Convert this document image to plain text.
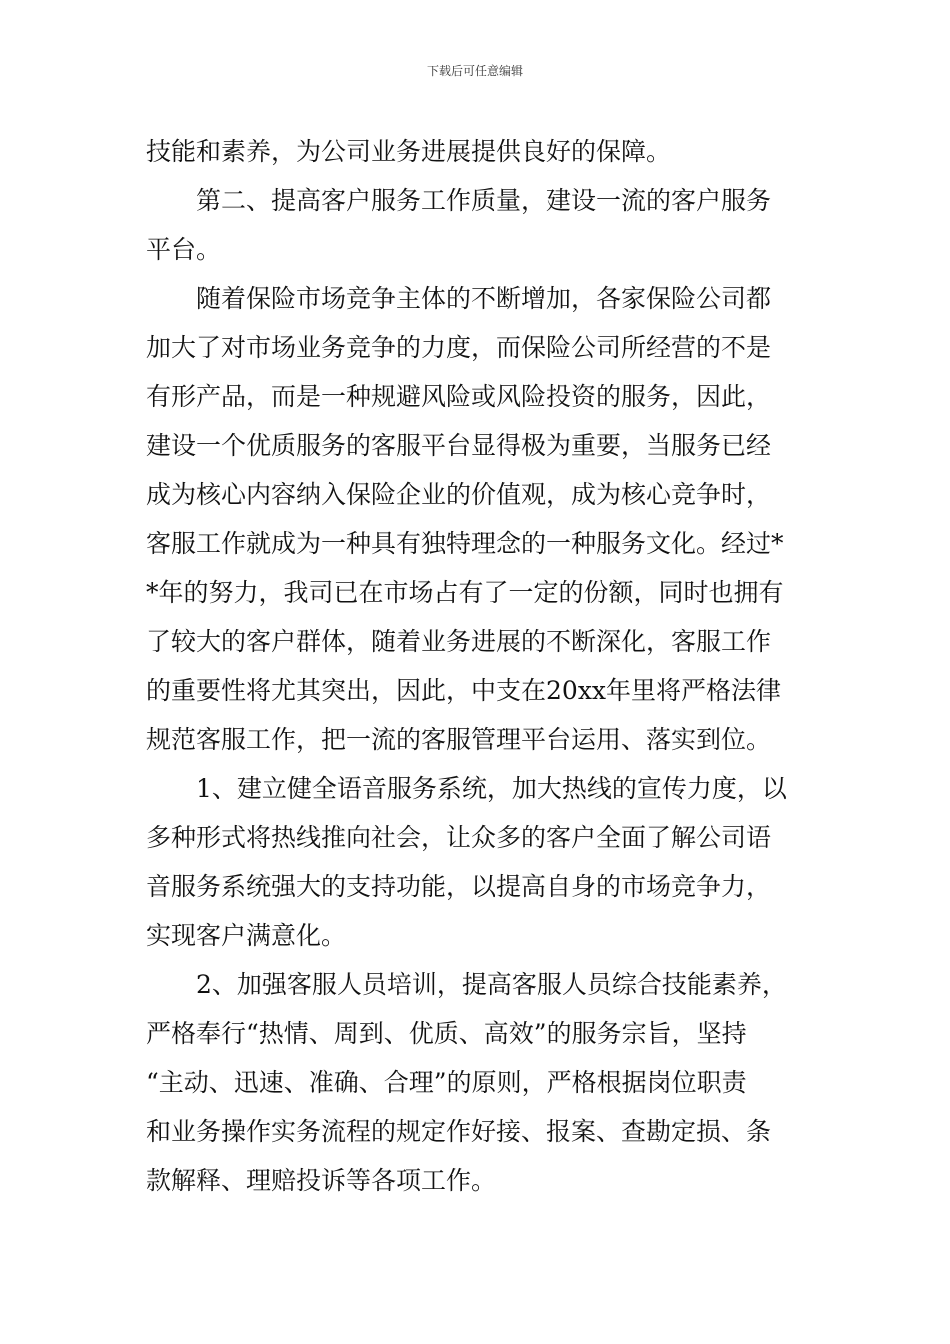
下载后可任意编辑
技能和素养，为公司业务进展提供良好的保障。
第二、提高客户服务工作质量，建设一流的客户服务
平台。
随着保险市场竞争主体的不断增加，各家保险公司都
加大了对市场业务竞争的力度，而保险公司所经营的不是
有形产品，而是一种规避风险或风险投资的服务，因此，
建设一个优质服务的客服平台显得极为重要，当服务已经
成为核心内容纳入保险企业的价值观，成为核心竞争时，
客服工作就成为一种具有独特理念的一种服务文化。经过*
*年的努力，我司已在市场占有了一定的份额，同时也拥有
了较大的客户群体，随着业务进展的不断深化，客服工作
的重要性将尤其突出，因此，中支在20xx年里将严格法律
规范客服工作，把一流的客服管理平台运用、落实到位。
1、建立健全语音服务系统，加大热线的宣传力度，以
多种形式将热线推向社会，让众多的客户全面了解公司语
音服务系统强大的支持功能，以提高自身的市场竞争力，
实现客户满意化。
2、加强客服人员培训，提高客服人员综合技能素养，
严格奉行“热情、周到、优质、高效”的服务宗旨，坚持
“主动、迅速、准确、合理”的原则，严格根据岗位职责
和业务操作实务流程的规定作好接、报案、查勘定损、条
款解释、理赔投诉等各项工作。
